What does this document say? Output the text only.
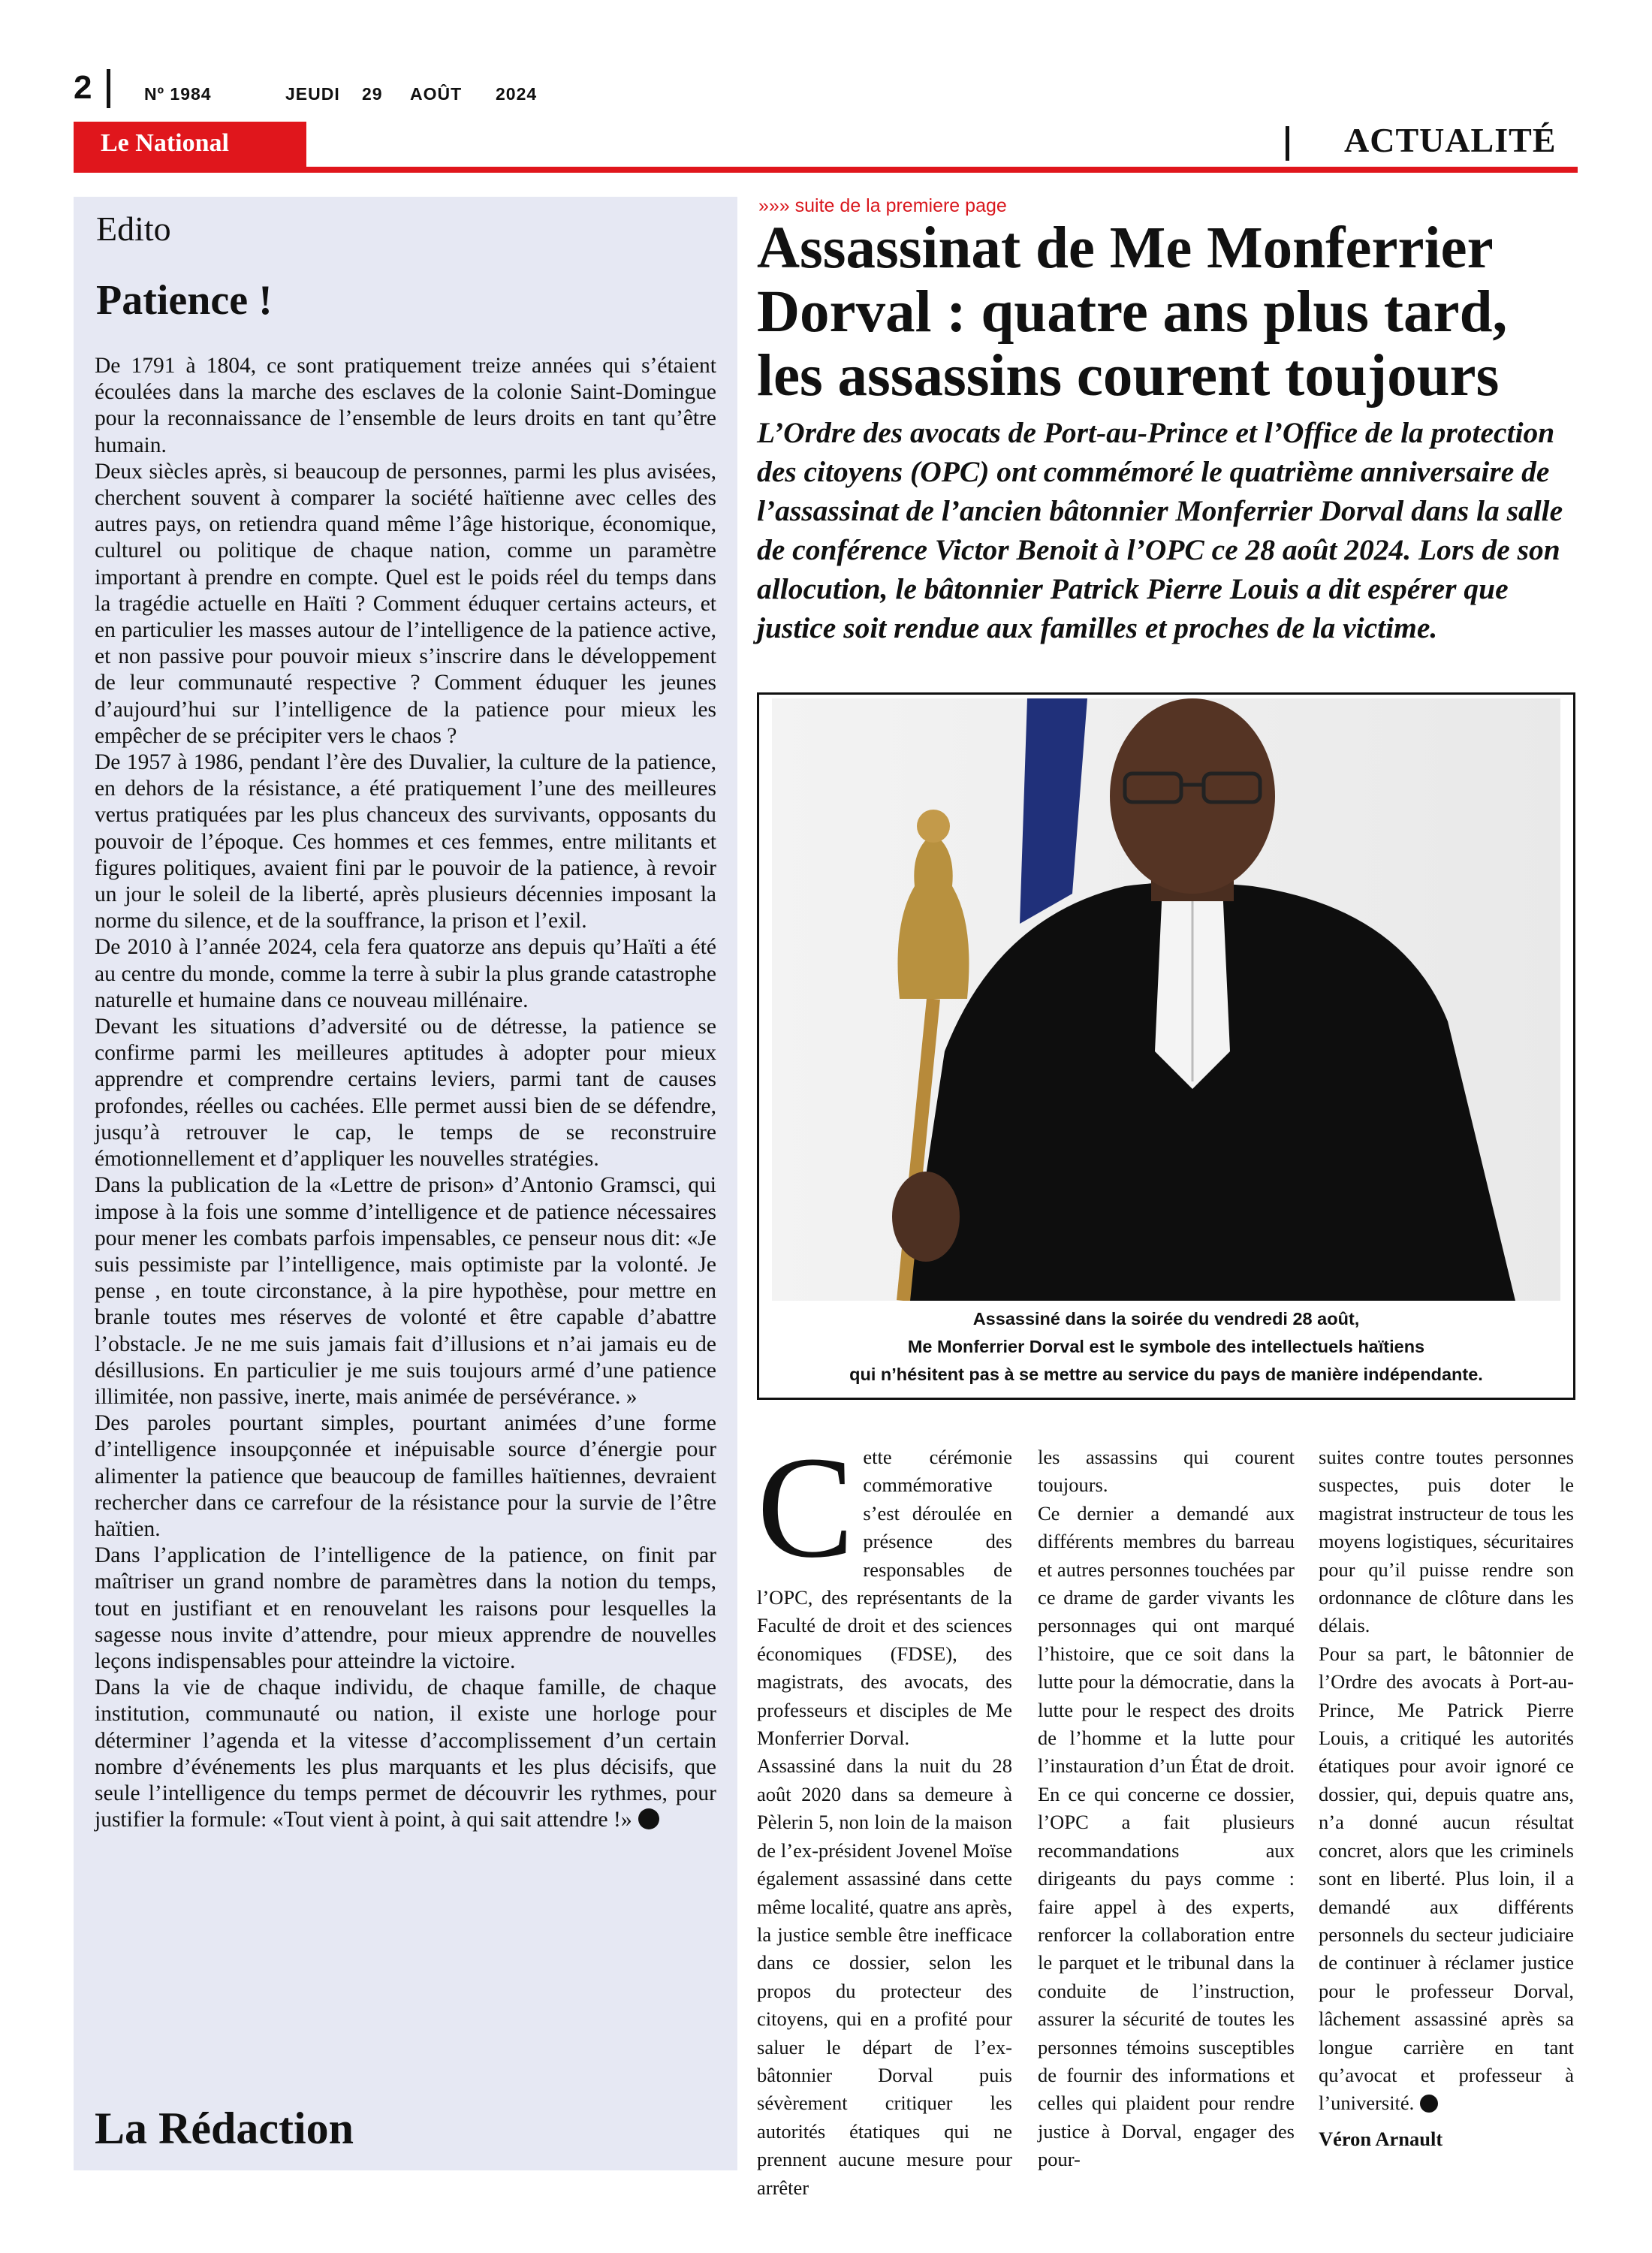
2	Nº 1984	JEUDI 29 AOÛT 2024
Le National	ACTUALITÉ
Edito
Patience !

De 1791 à 1804, ce sont pratiquement treize années qui s’étaient écoulées dans la marche des esclaves de la colonie Saint-Domingue pour la reconnaissance de l’ensemble de leurs droits en tant qu’être humain.

Deux siècles après, si beaucoup de personnes, parmi les plus avisées, cherchent souvent à comparer la société haïtienne avec celles des autres pays, on retiendra quand même l’âge historique, économique, culturel ou politique de chaque nation, comme un paramètre important à prendre en compte. Quel est le poids réel du temps dans la tragédie actuelle en Haïti ? Comment éduquer certains acteurs, et en particulier les masses autour de l’intelligence de la patience active, et non passive pour pouvoir mieux s’inscrire dans le développement de leur communauté respective ? Comment éduquer les jeunes d’aujourd’hui sur l’intelligence de la patience pour mieux les empêcher de se précipiter vers le chaos ?

De 1957 à 1986, pendant l’ère des Duvalier, la culture de la patience, en dehors de la résistance, a été pratiquement l’une des meilleures vertus pratiquées par les plus chanceux des survivants, opposants du pouvoir de l’époque. Ces hommes et ces femmes, entre militants et figures politiques, avaient fini par le pouvoir de la patience, à revoir un jour le soleil de la liberté, après plusieurs décennies imposant la norme du silence, et de la souffrance, la prison et l’exil.

De 2010 à l’année 2024, cela fera quatorze ans depuis qu’Haïti a été au centre du monde, comme la terre à subir la plus grande catastrophe naturelle et humaine dans ce nouveau millénaire.

Devant les situations d’adversité ou de détresse, la patience se confirme parmi les meilleures aptitudes à adopter pour mieux apprendre et comprendre certains leviers, parmi tant de causes profondes, réelles ou cachées. Elle permet aussi bien de se défendre, jusqu’à retrouver le cap, le temps de se reconstruire émotionnellement et d’appliquer les nouvelles stratégies.

Dans la publication de la «Lettre de prison» d’Antonio Gramsci, qui impose à la fois une somme d’intelligence et de patience nécessaires pour mener les combats parfois impensables, ce penseur nous dit: «Je suis pessimiste par l’intelligence, mais optimiste par la volonté. Je pense , en toute circonstance, à la pire hypothèse, pour mettre en branle toutes mes réserves de volonté et être capable d’abattre l’obstacle. Je ne me suis jamais fait d’illusions et n’ai jamais eu de désillusions. En particulier je me suis toujours armé d’une patience illimitée, non passive, inerte, mais animée de persévérance. »

Des paroles pourtant simples, pourtant animées d’une forme d’intelligence insoupçonnée et inépuisable source d’énergie pour alimenter la patience que beaucoup de familles haïtiennes, devraient rechercher dans ce carrefour de la résistance pour la survie de l’être haïtien.

Dans l’application de l’intelligence de la patience, on finit par maîtriser un grand nombre de paramètres dans la notion du temps, tout en justifiant et en renouvelant les raisons pour lesquelles la sagesse nous invite d’attendre, pour mieux apprendre de nouvelles leçons indispensables pour atteindre la victoire.

Dans la vie de chaque individu, de chaque famille, de chaque institution, communauté ou nation, il existe une horloge pour déterminer l’agenda et la vitesse d’accomplissement d’un certain nombre d’événements les plus marquants et les plus décisifs, que seule l’intelligence du temps permet de découvrir les rythmes, pour justifier la formule: «Tout vient à point, à qui sait attendre !»

La Rédaction
»»» suite de la premiere page
Assassinat de Me Monferrier Dorval : quatre ans plus tard, les assassins courent toujours
L’Ordre des avocats de Port-au-Prince et l’Office de la protection des citoyens (OPC) ont commémoré le quatrième anniversaire de l’assassinat de l’ancien bâtonnier Monferrier Dorval dans la salle de conférence Victor Benoit à l’OPC ce 28 août 2024. Lors de son allocution, le bâtonnier Patrick Pierre Louis a dit espérer que justice soit rendue aux familles et proches de la victime.
Assassiné dans la soirée du vendredi 28 août,
Me Monferrier Dorval est le symbole des intellectuels haïtiens
qui n’hésitent pas à se mettre au service du pays de manière indépendante.
C ette cérémonie commémorative s’est déroulée en présence des responsables de l’OPC, des représentants de la Faculté de droit et des sciences économiques (FDSE), des magistrats, des avocats, des professeurs et disciples de Me Monferrier Dorval.

Assassiné dans la nuit du 28 août 2020 dans sa demeure à Pèlerin 5, non loin de la maison de l’ex-président Jovenel Moïse également assassiné dans cette même localité, quatre ans après, la justice semble être inefficace dans ce dossier, selon les propos du protecteur des citoyens, qui en a profité pour saluer le départ de l’ex-bâtonnier Dorval puis sévèrement critiquer les autorités étatiques qui ne prennent aucune mesure pour arrêter

les assassins qui courent toujours.

Ce dernier a demandé aux différents membres du barreau et autres personnes touchées par ce drame de garder vivants les personnages qui ont marqué l’histoire, que ce soit dans la lutte pour la démocratie, dans la lutte pour le respect des droits de l’homme et la lutte pour l’instauration d’un État de droit. En ce qui concerne ce dossier, l’OPC a fait plusieurs recommandations aux dirigeants du pays comme : faire appel à des experts, renforcer la collaboration entre le parquet et le tribunal dans la conduite de l’instruction, assurer la sécurité de toutes les personnes témoins susceptibles de fournir des informations et celles qui plaident pour rendre justice à Dorval, engager des pour-

suites contre toutes personnes suspectes, puis doter le magistrat instructeur de tous les moyens logistiques, sécuritaires pour qu’il puisse rendre son ordonnance de clôture dans les délais.

Pour sa part, le bâtonnier de l’Ordre des avocats à Port-au-Prince, Me Patrick Pierre Louis, a critiqué les autorités étatiques pour avoir ignoré ce dossier, qui, depuis quatre ans, n’a donné aucun résultat concret, alors que les criminels sont en liberté. Plus loin, il a demandé aux différents personnels du secteur judiciaire de continuer à réclamer justice pour le professeur Dorval, lâchement assassiné après sa longue carrière en tant qu’avocat et professeur à l’université.

Véron Arnault
